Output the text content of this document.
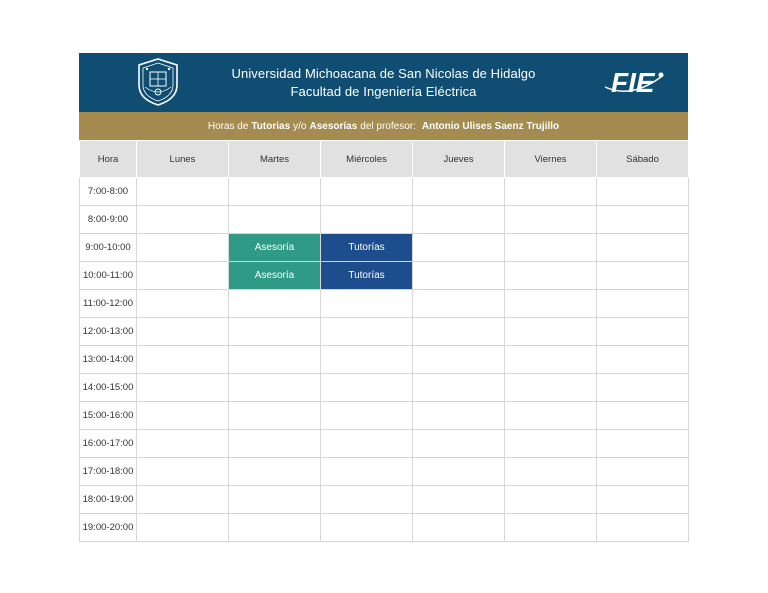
Universidad Michoacana de San Nicolas de Hidalgo
Facultad de Ingeniería Eléctrica	FIE
Horas de Tutorias y/o Asesorías del profesor: Antonio Ulises Saenz Trujillo
Hora	Lunes	Martes	Miércoles	Jueves	Viernes	Sábado
7:00-8:00						
8:00-9:00						
9:00-10:00		Asesoría	Tutorías			
10:00-11:00		Asesoría	Tutorías			
11:00-12:00						
12:00-13:00						
13:00-14:00						
14:00-15:00						
15:00-16:00						
16:00-17:00						
17:00-18:00						
18:00-19:00						
19:00-20:00						
